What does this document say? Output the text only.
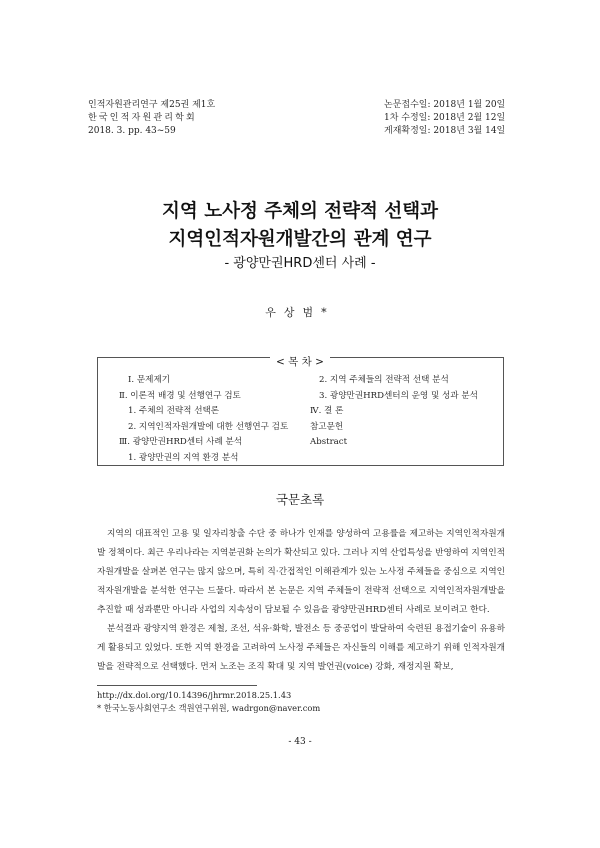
인적자원관리연구 제25권 제1호
한국인적자원관리학회
2018. 3. pp. 43~59
논문접수일: 2018년 1월 20일
1차 수정일: 2018년 2월 12일
게재확정일: 2018년 3월 14일
지역 노사정 주체의 전략적 선택과
지역인적자원개발간의 관계 연구
- 광양만권HRD센터 사례 -
우상범*
< 목 차 >
Ⅰ. 문제제기
Ⅱ. 이론적 배경 및 선행연구 검토
1. 주체의 전략적 선택론
2. 지역인적자원개발에 대한 선행연구 검토
Ⅲ. 광양만권HRD센터 사례 분석
1. 광양만권의 지역 환경 분석
2. 지역 주체들의 전략적 선택 분석
3. 광양만권HRD센터의 운영 및 성과 분석
Ⅳ. 결 론
참고문헌
Abstract
국문초록

지역의 대표적인 고용 및 일자리창출 수단 중 하나가 인재를 양성하여 고용률을 제고하는 지역인적자원개발 정책이다. 최근 우리나라는 지역분권화 논의가 확산되고 있다. 그러나 지역 산업특성을 반영하여 지역인적자원개발을 살펴본 연구는 많지 않으며, 특히 직·간접적인 이해관계가 있는 노사정 주체들을 중심으로 지역인적자원개발을 분석한 연구는 드물다. 따라서 본 논문은 지역 주체들이 전략적 선택으로 지역인적자원개발을 추진할 때 성과뿐만 아니라 사업의 지속성이 담보될 수 있음을 광양만권HRD센터 사례로 보이려고 한다.

분석결과 광양지역 환경은 제철, 조선, 석유·화학, 발전소 등 중공업이 발달하여 숙련된 용접기술이 유용하게 활용되고 있었다. 또한 지역 환경을 고려하여 노사정 주체들은 자신들의 이해를 제고하기 위해 인적자원개발을 전략적으로 선택했다. 먼저 노조는 조직 확대 및 지역 발언권(voice) 강화, 재정지원 확보,

http://dx.doi.org/10.14396/jhrmr.2018.25.1.43
* 한국노동사회연구소 객원연구위원, wadrgon@naver.com
- 43 -
